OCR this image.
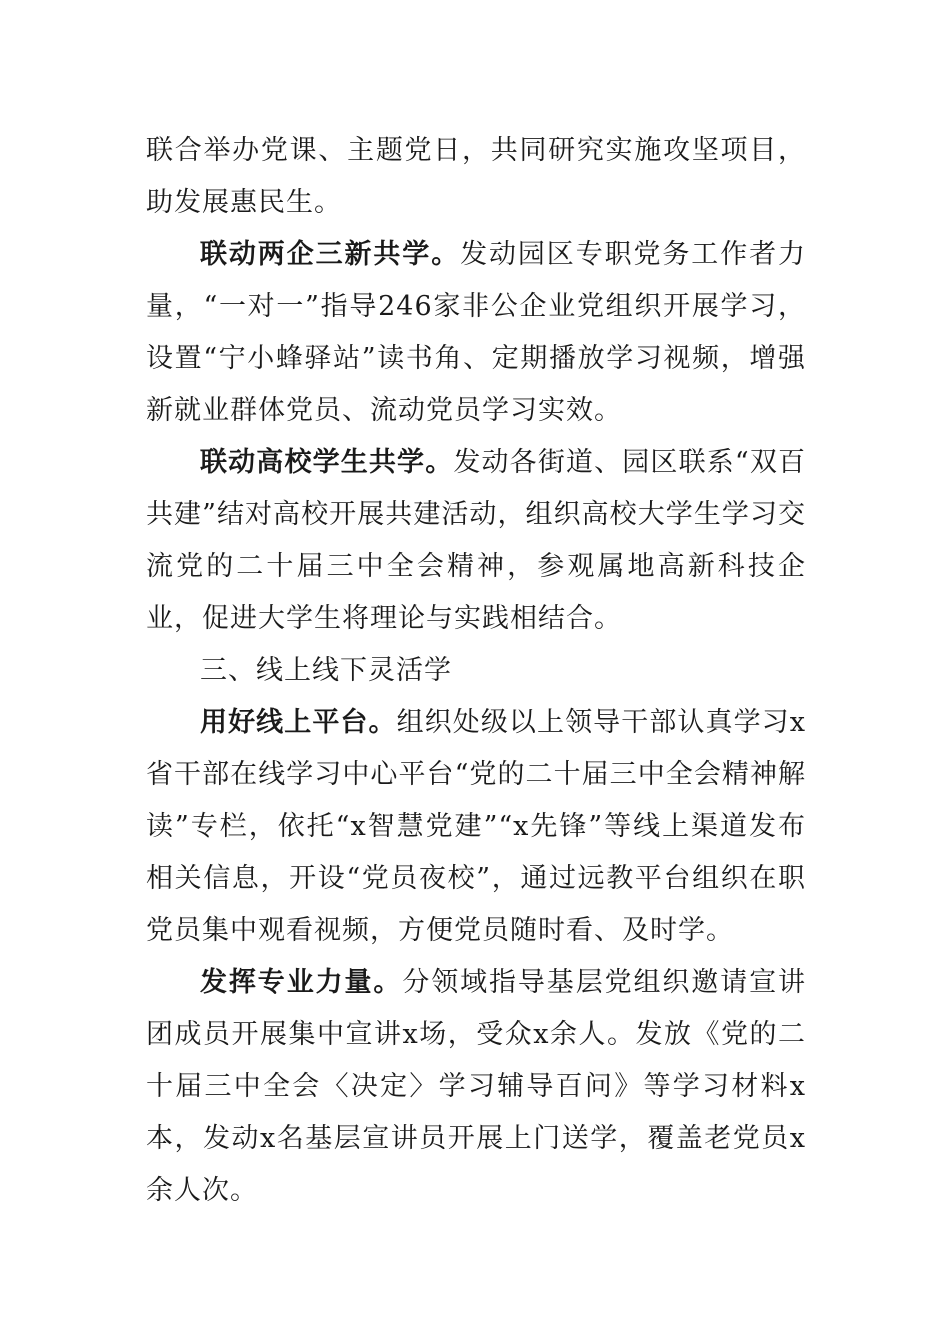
联合举办党课、主题党日，共同研究实施攻坚项目，助发展惠民生。

联动两企三新共学。发动园区专职党务工作者力量，“一对一”指导246家非公企业党组织开展学习，设置“宁小蜂驿站”读书角、定期播放学习视频，增强新就业群体党员、流动党员学习实效。

联动高校学生共学。发动各街道、园区联系“双百共建”结对高校开展共建活动，组织高校大学生学习交流党的二十届三中全会精神，参观属地高新科技企业，促进大学生将理论与实践相结合。

三、线上线下灵活学

用好线上平台。组织处级以上领导干部认真学习x省干部在线学习中心平台“党的二十届三中全会精神解读”专栏，依托“x智慧党建”“x先锋”等线上渠道发布相关信息，开设“党员夜校”，通过远教平台组织在职党员集中观看视频，方便党员随时看、及时学。

发挥专业力量。分领域指导基层党组织邀请宣讲团成员开展集中宣讲x场，受众x余人。发放《党的二十届三中全会〈决定〉学习辅导百问》等学习材料x本，发动x名基层宣讲员开展上门送学，覆盖老党员x余人次。
